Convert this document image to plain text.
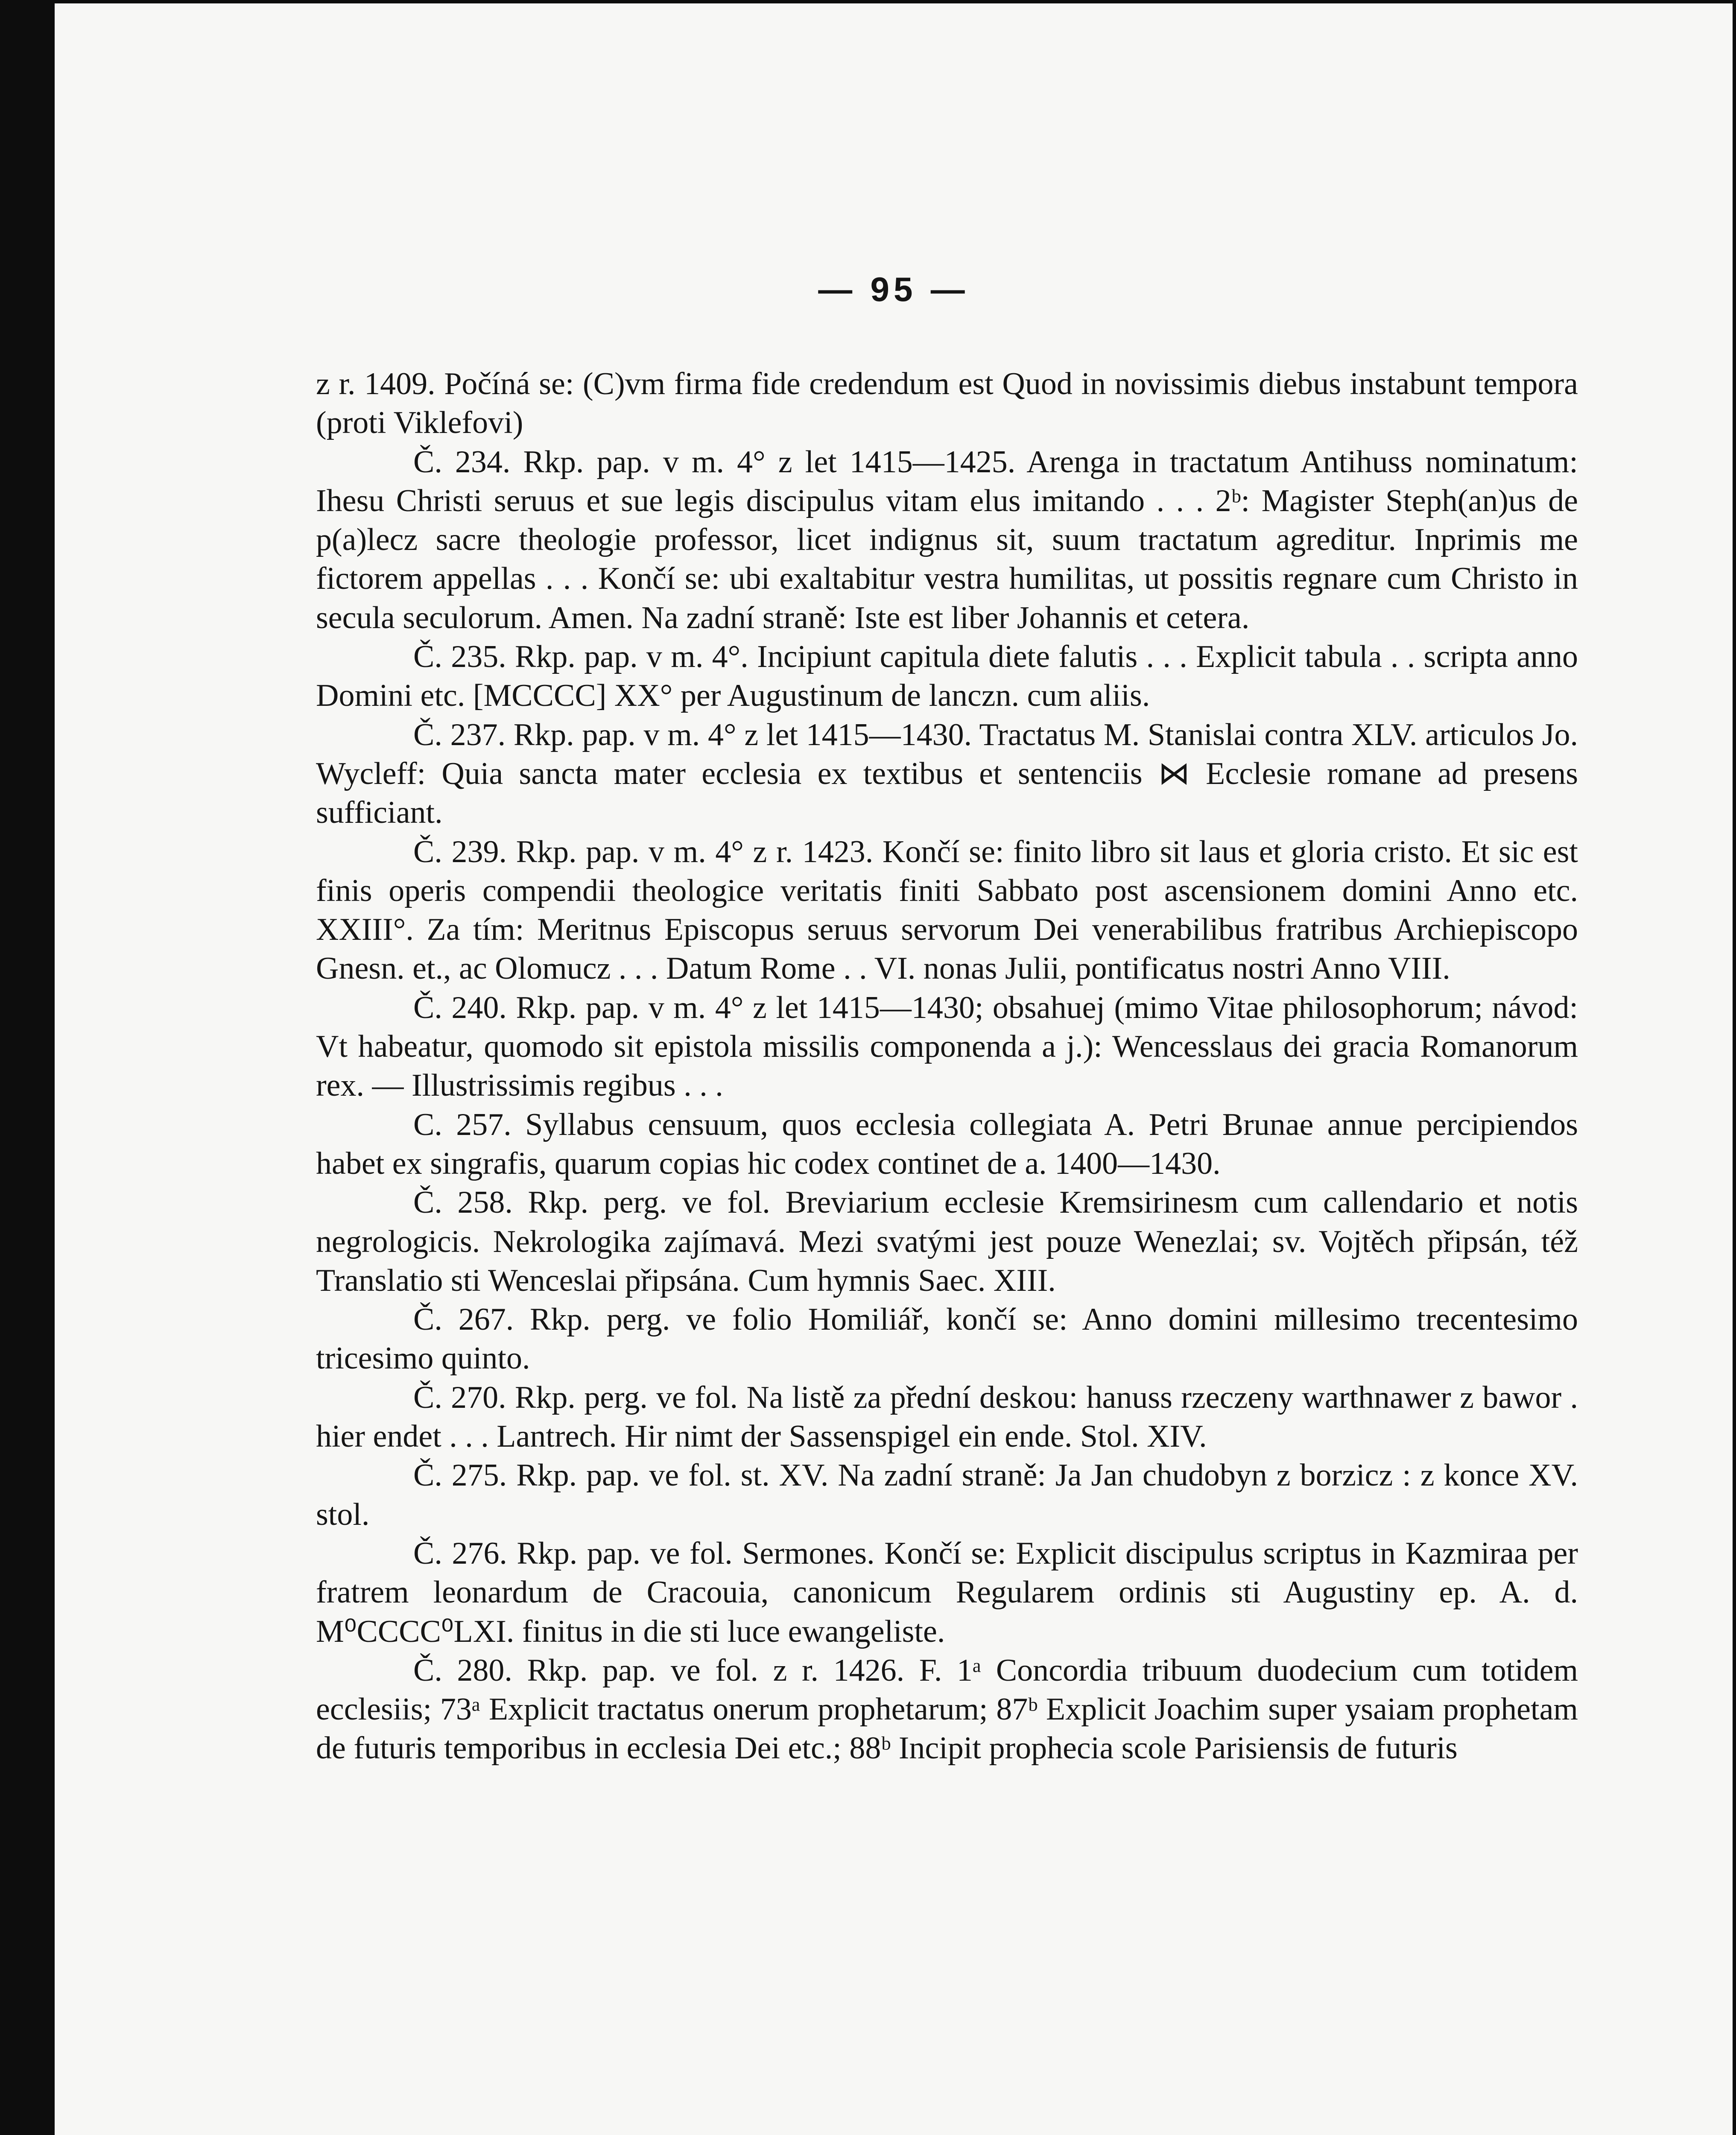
— 95 —

z r. 1409. Počíná se: (C)vm firma fide credendum est Quod in novissimis diebus instabunt tempora (proti Viklefovi)

Č. 234. Rkp. pap. v m. 4° z let 1415—1425. Arenga in tractatum Antihuss nominatum: Ihesu Christi seruus et sue legis discipulus vitam elus imitando . . . 2ᵇ: Magister Steph(an)us de p(a)lecz sacre theologie professor, licet indignus sit, suum tractatum agreditur. Inprimis me fictorem appellas . . . Končí se: ubi exaltabitur vestra humilitas, ut possitis regnare cum Christo in secula seculorum. Amen. Na zadní straně: Iste est liber Johannis et cetera.

Č. 235. Rkp. pap. v m. 4°. Incipiunt capitula diete falutis . . . Explicit tabula . . scripta anno Domini etc. [MCCCC] XX° per Augustinum de lanczn. cum aliis.

Č. 237. Rkp. pap. v m. 4° z let 1415—1430. Tractatus M. Stanislai contra XLV. articulos Jo. Wycleff: Quia sancta mater ecclesia ex textibus et sentenciis ⋈ Ecclesie romane ad presens sufficiant.

Č. 239. Rkp. pap. v m. 4° z r. 1423. Končí se: finito libro sit laus et gloria cristo. Et sic est finis operis compendii theologice veritatis finiti Sabbato post ascensionem domini Anno etc. XXIII°. Za tím: Meritnus Episcopus seruus servorum Dei venerabilibus fratribus Archiepiscopo Gnesn. et., ac Olomucz . . . Datum Rome . . VI. nonas Julii, pontificatus nostri Anno VIII.

Č. 240. Rkp. pap. v m. 4° z let 1415—1430; obsahuej (mimo Vitae philosophorum; návod: Vt habeatur, quomodo sit epistola missilis componenda a j.): Wencesslaus dei gracia Romanorum rex. — Illustrissimis regibus . . .

C. 257. Syllabus censuum, quos ecclesia collegiata A. Petri Brunae annue percipiendos habet ex singrafis, quarum copias hic codex continet de a. 1400—1430.

Č. 258. Rkp. perg. ve fol. Breviarium ecclesie Kremsirinesm cum callendario et notis negrologicis. Nekrologika zajímavá. Mezi svatými jest pouze Wenezlai; sv. Vojtěch připsán, též Translatio sti Wenceslai připsána. Cum hymnis Saec. XIII.

Č. 267. Rkp. perg. ve folio Homiliář, končí se: Anno domini millesimo trecentesimo tricesimo quinto.

Č. 270. Rkp. perg. ve fol. Na listě za přední deskou: hanuss rzeczeny warthnawer z bawor . hier endet . . . Lantrech. Hir nimt der Sassenspigel ein ende. Stol. XIV.

Č. 275. Rkp. pap. ve fol. st. XV. Na zadní straně: Ja Jan chudobyn z borzicz : z konce XV. stol.

Č. 276. Rkp. pap. ve fol. Sermones. Končí se: Explicit discipulus scriptus in Kazmiraa per fratrem leonardum de Cracouia, canonicum Regularem ordinis sti Augustiny ep. A. d. M⁰CCCC⁰LXI. finitus in die sti luce ewangeliste.

Č. 280. Rkp. pap. ve fol. z r. 1426. F. 1ᵃ Concordia tribuum duodecium cum totidem ecclesiis; 73ᵃ Explicit tractatus onerum prophetarum; 87ᵇ Explicit Joachim super ysaiam prophetam de futuris temporibus in ecclesia Dei etc.; 88ᵇ Incipit prophecia scole Parisiensis de futuris
